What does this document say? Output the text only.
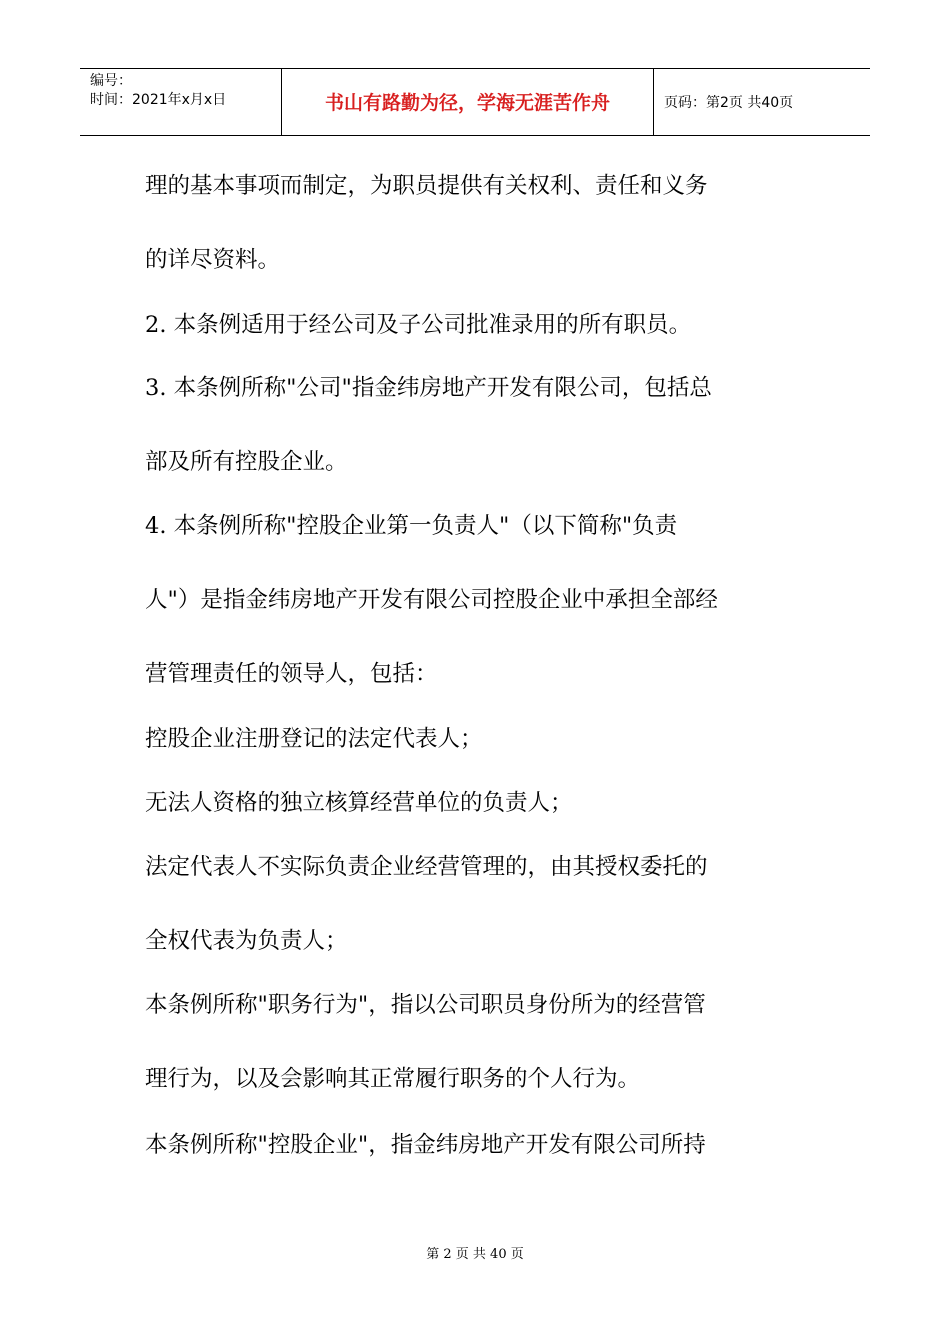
编号：
时间：2021年x月x日	书山有路勤为径，学海无涯苦作舟	页码：第2页 共40页
理的基本事项而制定，为职员提供有关权利、责任和义务
的详尽资料。
2. 本条例适用于经公司及子公司批准录用的所有职员。
3. 本条例所称"公司"指金纬房地产开发有限公司，包括总
部及所有控股企业。
4. 本条例所称"控股企业第一负责人"（以下简称"负责
人"）是指金纬房地产开发有限公司控股企业中承担全部经
营管理责任的领导人，包括：
控股企业注册登记的法定代表人；
无法人资格的独立核算经营单位的负责人；
法定代表人不实际负责企业经营管理的，由其授权委托的
全权代表为负责人；
本条例所称"职务行为"，指以公司职员身份所为的经营管
理行为，以及会影响其正常履行职务的个人行为。
本条例所称"控股企业"，指金纬房地产开发有限公司所持
第 2 页 共 40 页
